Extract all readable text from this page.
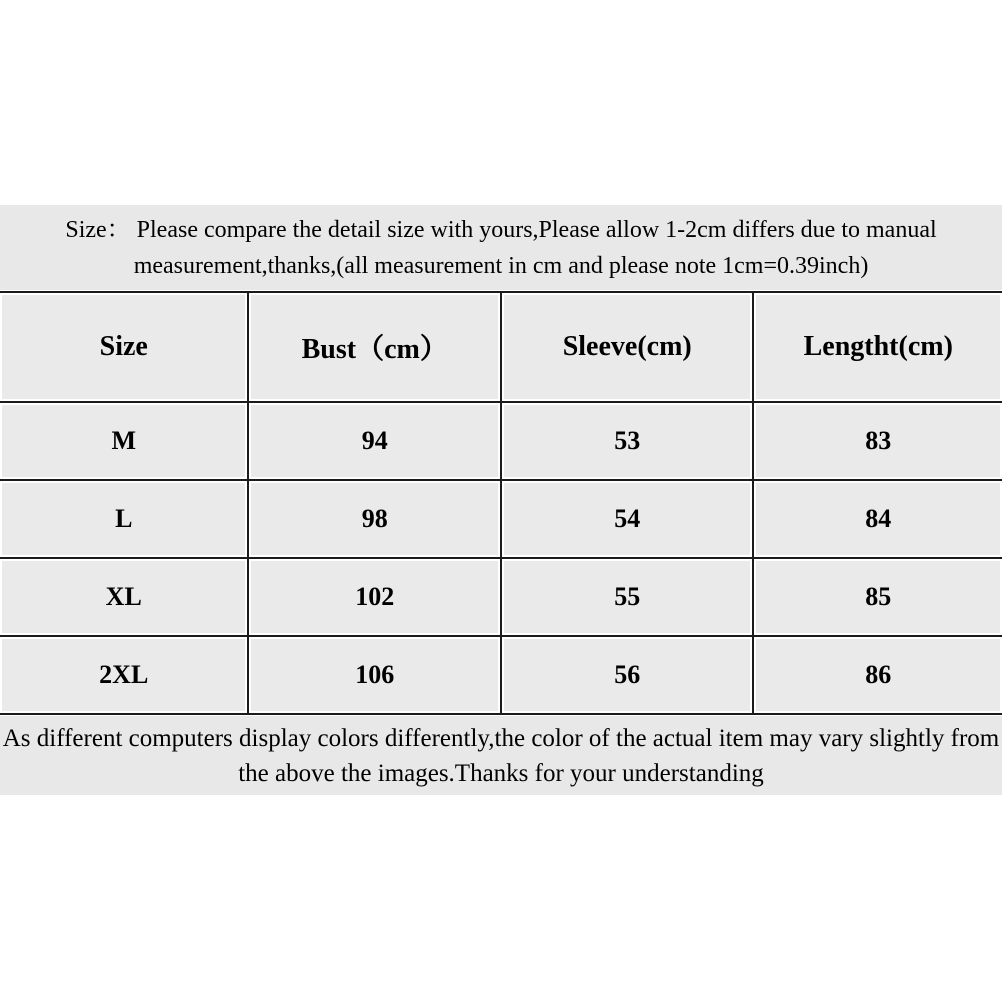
Size： Please compare the detail size with yours,Please allow 1-2cm differs due to manual
measurement,thanks,(all measurement in cm and please note 1cm=0.39inch)
Size	Bust（cm）	Sleeve(cm)	Lengtht(cm)
M	94	53	83
L	98	54	84
XL	102	55	85
2XL	106	56	86
As different computers display colors differently,the color of the actual item may vary slightly from
the above the images.Thanks for your understanding
